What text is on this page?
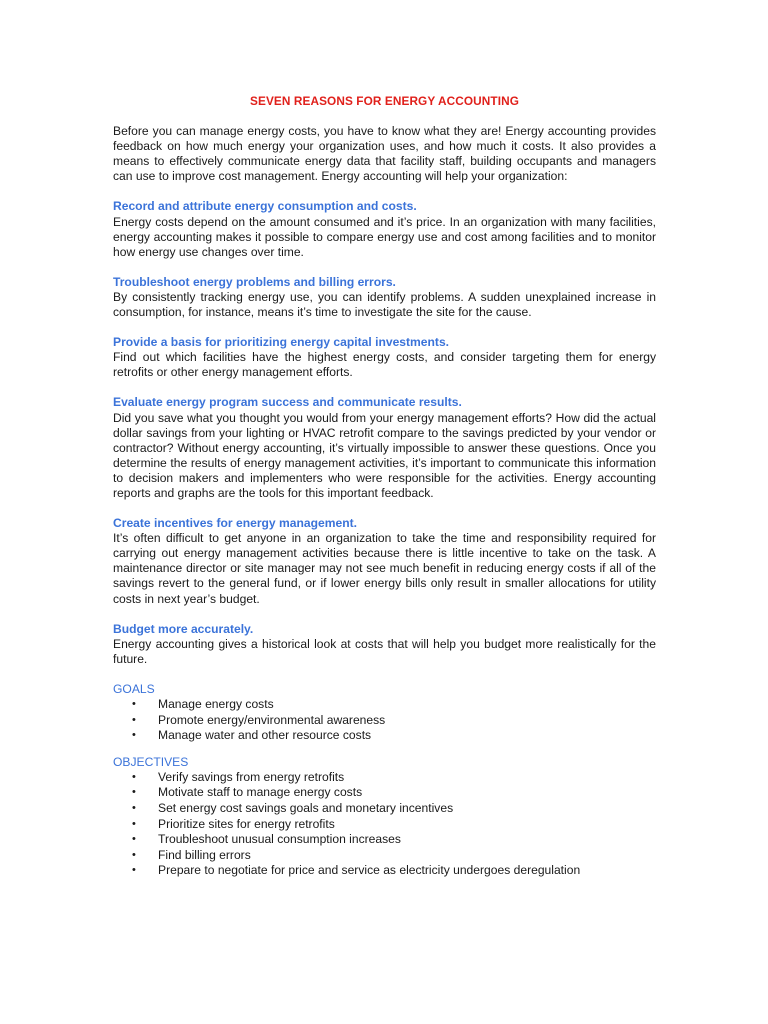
SEVEN REASONS FOR ENERGY ACCOUNTING

Before you can manage energy costs, you have to know what they are! Energy accounting provides feedback on how much energy your organization uses, and how much it costs. It also provides a means to effectively communicate energy data that facility staff, building occupants and managers can use to improve cost management. Energy accounting will help your organization:

Record and attribute energy consumption and costs.

Energy costs depend on the amount consumed and it’s price. In an organization with many facilities, energy accounting makes it possible to compare energy use and cost among facilities and to monitor how energy use changes over time.

Troubleshoot energy problems and billing errors.

By consistently tracking energy use, you can identify problems. A sudden unexplained increase in consumption, for instance, means it’s time to investigate the site for the cause.

Provide a basis for prioritizing energy capital investments.

Find out which facilities have the highest energy costs, and consider targeting them for energy retrofits or other energy management efforts.

Evaluate energy program success and communicate results.

Did you save what you thought you would from your energy management efforts? How did the actual dollar savings from your lighting or HVAC retrofit compare to the savings predicted by your vendor or contractor? Without energy accounting, it’s virtually impossible to answer these questions. Once you determine the results of energy management activities, it’s important to communicate this information to decision makers and implementers who were responsible for the activities. Energy accounting reports and graphs are the tools for this important feedback.

Create incentives for energy management.

It’s often difficult to get anyone in an organization to take the time and responsibility required for carrying out energy management activities because there is little incentive to take on the task. A maintenance director or site manager may not see much benefit in reducing energy costs if all of the savings revert to the general fund, or if lower energy bills only result in smaller allocations for utility costs in next year’s budget.

Budget more accurately.

Energy accounting gives a historical look at costs that will help you budget more realistically for the future.

GOALS

• Manage energy costs
• Promote energy/environmental awareness
• Manage water and other resource costs

OBJECTIVES

• Verify savings from energy retrofits
• Motivate staff to manage energy costs
• Set energy cost savings goals and monetary incentives
• Prioritize sites for energy retrofits
• Troubleshoot unusual consumption increases
• Find billing errors
• Prepare to negotiate for price and service as electricity undergoes deregulation
